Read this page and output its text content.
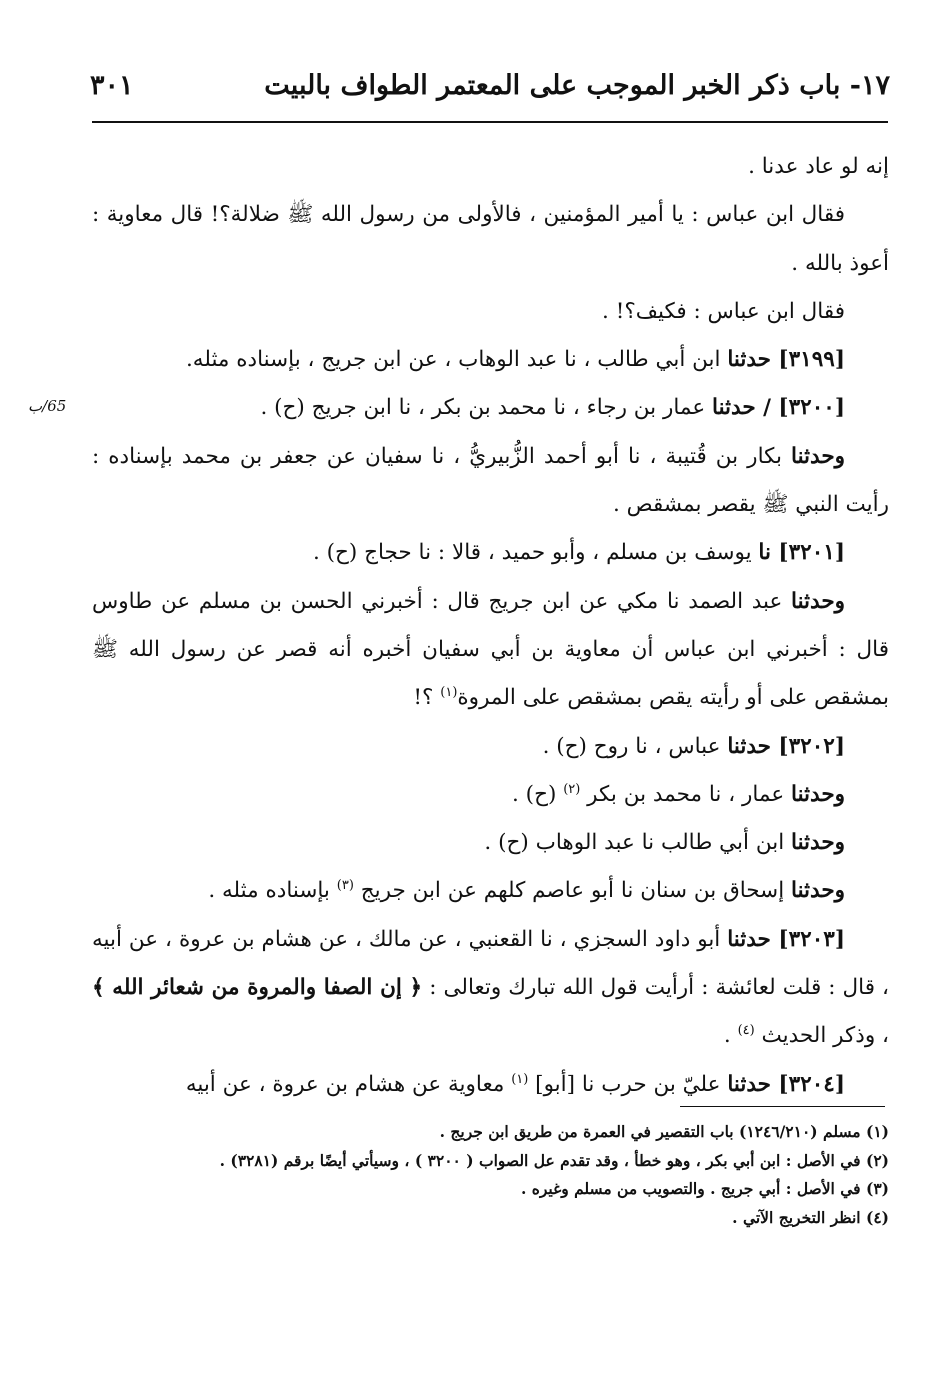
١٧- باب ذكر الخبر الموجب على المعتمر الطواف بالبيت
٣٠١
65/ب

إنه لو عاد عدنا .

فقال ابن عباس : يا أمير المؤمنين ، فالأولى من رسول الله ﷺ ضلالة؟! قال معاوية : أعوذ بالله .

فقال ابن عباس : فكيف؟! .

[٣١٩٩] حدثنا ابن أبي طالب ، نا عبد الوهاب ، عن ابن جريج ، بإسناده مثله.

[٣٢٠٠] / حدثنا عمار بن رجاء ، نا محمد بن بكر ، نا ابن جريج (ح) .

وحدثنا بكار بن قُتيبة ، نا أبو أحمد الزُّبيريُّ ، نا سفيان عن جعفر بن محمد بإسناده : رأيت النبي ﷺ يقصر بمشقص .

[٣٢٠١] نا يوسف بن مسلم ، وأبو حميد ، قالا : نا حجاج (ح) .

وحدثنا عبد الصمد نا مكي عن ابن جريج قال : أخبرني الحسن بن مسلم عن طاوس قال : أخبرني ابن عباس أن معاوية بن أبي سفيان أخبره أنه قصر عن رسول الله ﷺ بمشقص على أو رأيته يقص بمشقص على المروة$^{(١)}$ ؟!

[٣٢٠٢] حدثنا عباس ، نا روح (ح) .

وحدثنا عمار ، نا محمد بن بكر $^{(٢)}$ (ح) .

وحدثنا ابن أبي طالب نا عبد الوهاب (ح) .

وحدثنا إسحاق بن سنان نا أبو عاصم كلهم عن ابن جريج $^{(٣)}$ بإسناده مثله .

[٣٢٠٣] حدثنا أبو داود السجزي ، نا القعنبي ، عن مالك ، عن هشام بن عروة ، عن أبيه ، قال : قلت لعائشة : أرأيت قول الله تبارك وتعالى : ﴿ إن الصفا والمروة من شعائر الله ﴾ ، وذكر الحديث $^{(٤)}$ .

[٣٢٠٤] حدثنا عليّ بن حرب نا [أبو] $^{(١)}$ معاوية عن هشام بن عروة ، عن أبيه

(١) مسلم (١٢٤٦/٢١٠) باب التقصير في العمرة من طريق ابن جريج .

(٢) في الأصل : ابن أبي بكر ، وهو خطأ ، وقد تقدم عل الصواب ( ٣٢٠٠ ) ، وسيأتي أيضًا برقم (٣٢٨١) .

(٣) في الأصل : أبي جريج . والتصويب من مسلم وغيره .

(٤) انظر التخريج الآتي .
